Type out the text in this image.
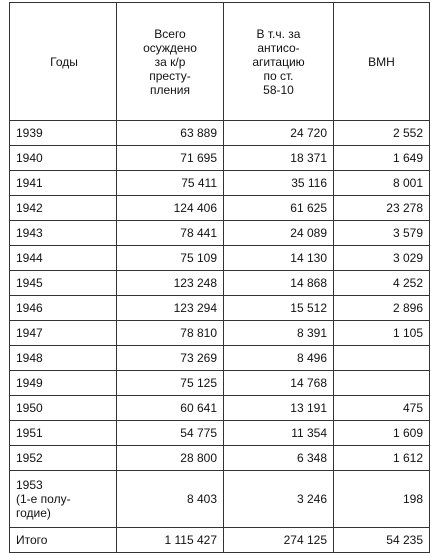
Годы	Всего
осуждено
за к/р
престу-
пления	В т.ч. за
антисо-
агитацию
по ст.
58-10	ВМН
1939	63 889	24 720	2 552
1940	71 695	18 371	1 649
1941	75 411	35 116	8 001
1942	124 406	61 625	23 278
1943	78 441	24 089	3 579
1944	75 109	14 130	3 029
1945	123 248	14 868	4 252
1946	123 294	15 512	2 896
1947	78 810	8 391	1 105
1948	73 269	8 496	
1949	75 125	14 768	
1950	60 641	13 191	475
1951	54 775	11 354	1 609
1952	28 800	6 348	1 612

1953
(1-е полу-
годие)	8 403	3 246	198
Итого	1 115 427	274 125	54 235
